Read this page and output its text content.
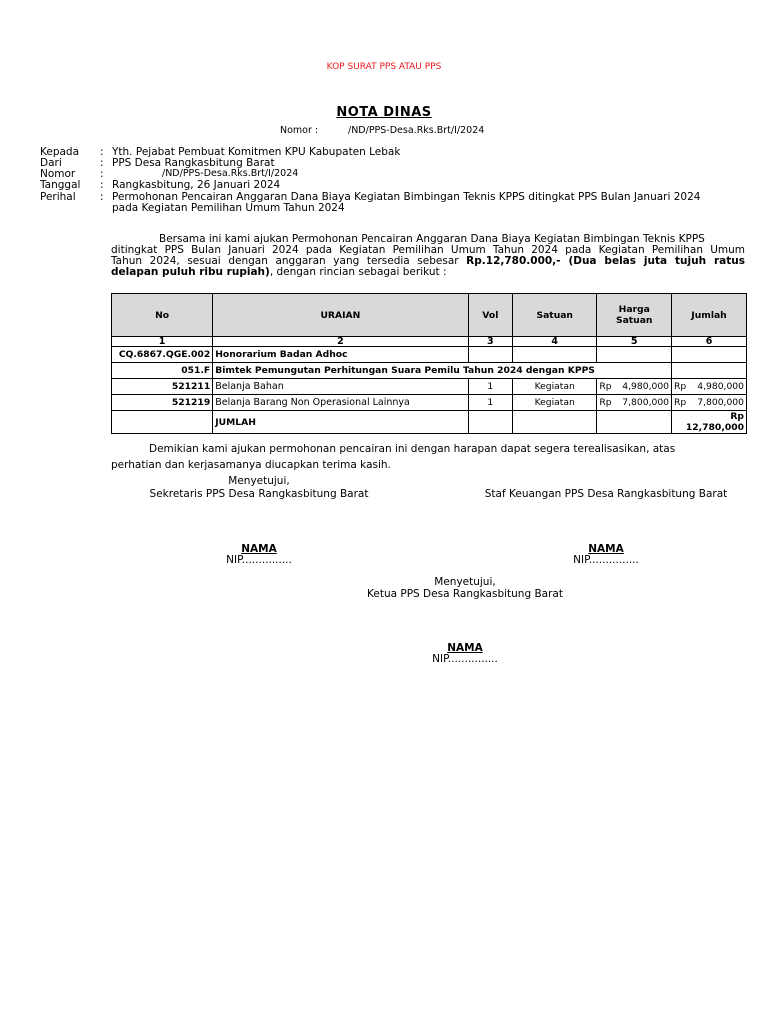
KOP SURAT PPS ATAU PPS
NOTA DINAS
Nomor :	/ND/PPS-Desa.Rks.Brt/I/2024
Kepada : Yth. Pejabat Pembuat Komitmen KPU Kabupaten Lebak
Dari	: PPS Desa Rangkasbitung Barat
Nomor :	/ND/PPS-Desa.Rks.Brt/I/2024
Tanggal : Rangkasbitung, 26 Januari 2024
Perihal : Permohonan Pencairan Anggaran Dana Biaya Kegiatan Bimbingan Teknis KPPS ditingkat PPS Bulan Januari 2024
pada Kegiatan Pemilihan Umum Tahun 2024
Bersama ini kami ajukan Permohonan Pencairan Anggaran Dana Biaya Kegiatan Bimbingan Teknis KPPS
ditingkat PPS Bulan Januari 2024 pada Kegiatan Pemilihan Umum Tahun 2024 pada Kegiatan Pemilihan Umum
Tahun 2024, sesuai dengan anggaran yang tersedia sebesar Rp.12,780.000,- (Dua belas juta tujuh ratus
delapan puluh ribu rupiah), dengan rincian sebagai berikut :
No	URAIAN	Vol	Satuan	Harga Satuan	Jumlah
1	2	3	4	5	6
CQ.6867.QGE.002	Honorarium Badan Adhoc				
051.F	Bimtek Pemungutan Perhitungan Suara Pemilu Tahun 2024 dengan KPPS				
521211	Belanja Bahan	1	Kegiatan	Rp 4,980,000	Rp 4,980,000

521219	Belanja Barang Non Operasional Lainnya	1	Kegiatan	Rp 7,800,000	Rp 7,800,000

	JUMLAH				Rp 12,780,000
Demikian kami ajukan permohonan pencairan ini dengan harapan dapat segera terealisasikan, atas
perhatian dan kerjasamanya diucapkan terima kasih.
Menyetujui,
Sekretaris PPS Desa Rangkasbitung Barat
NAMA
NIP...............
Staf Keuangan PPS Desa Rangkasbitung Barat
NAMA
NIP...............
Menyetujui,
Ketua PPS Desa Rangkasbitung Barat
NAMA
NIP...............
